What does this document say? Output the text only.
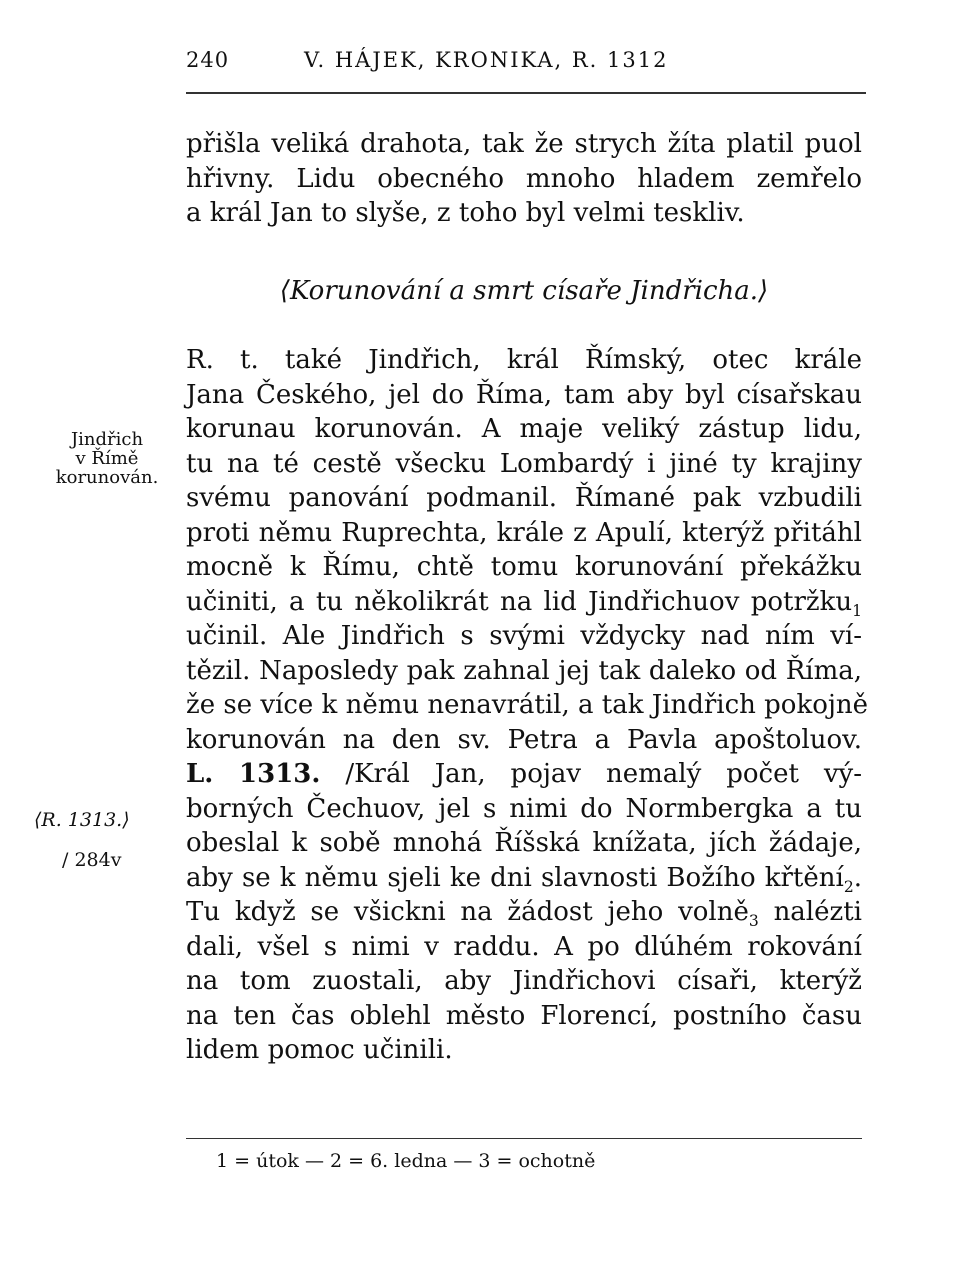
240	V. HÁJEK, KRONIKA, R. 1312
přišla veliká drahota, tak že strych žíta platil puol
hřivny. Lidu obecného mnoho hladem zemřelo
a král Jan to slyše, z toho byl velmi teskliv.
⟨Korunování a smrt císaře Jindřicha.⟩
R. t. také Jindřich, král Římský, otec krále
Jana Českého, jel do Říma, tam aby byl císařskau
korunau korunován. A maje veliký zástup lidu,
tu na té cestě všecku Lombardý i jiné ty krajiny
svému panování podmanil. Římané pak vzbudili
proti němu Ruprechta, krále z Apulí, kterýž přitáhl
mocně k Římu, chtě tomu korunování překážku
učiniti, a tu několikrát na lid Jindřichuov potržku$_1$
učinil. Ale Jindřich s svými vždycky nad ním ví-
tězil. Naposledy pak zahnal jej tak daleko od Říma,
že se více k němu nenavrátil, a tak Jindřich pokojně
korunován na den sv. Petra a Pavla apoštoluov.
L. 1313. /Král Jan, pojav nemalý počet vý-
borných Čechuov, jel s nimi do Normbergka a tu
obeslal k sobě mnohá Říšská knížata, jích žádaje,
aby se k němu sjeli ke dni slavnosti Božího křtění$_2$.
Tu když se všickni na žádost jeho volně$_3$ nalézti
dali, všel s nimi v raddu. A po dlúhém rokování
na tom zuostali, aby Jindřichovi císaři, kterýž
na ten čas oblehl město Florencí, postního času
lidem pomoc učinili.
Jindřich
v Římě
korunován.
⟨R. 1313.⟩
/ 284v
1 = útok — 2 = 6. ledna — 3 = ochotně
